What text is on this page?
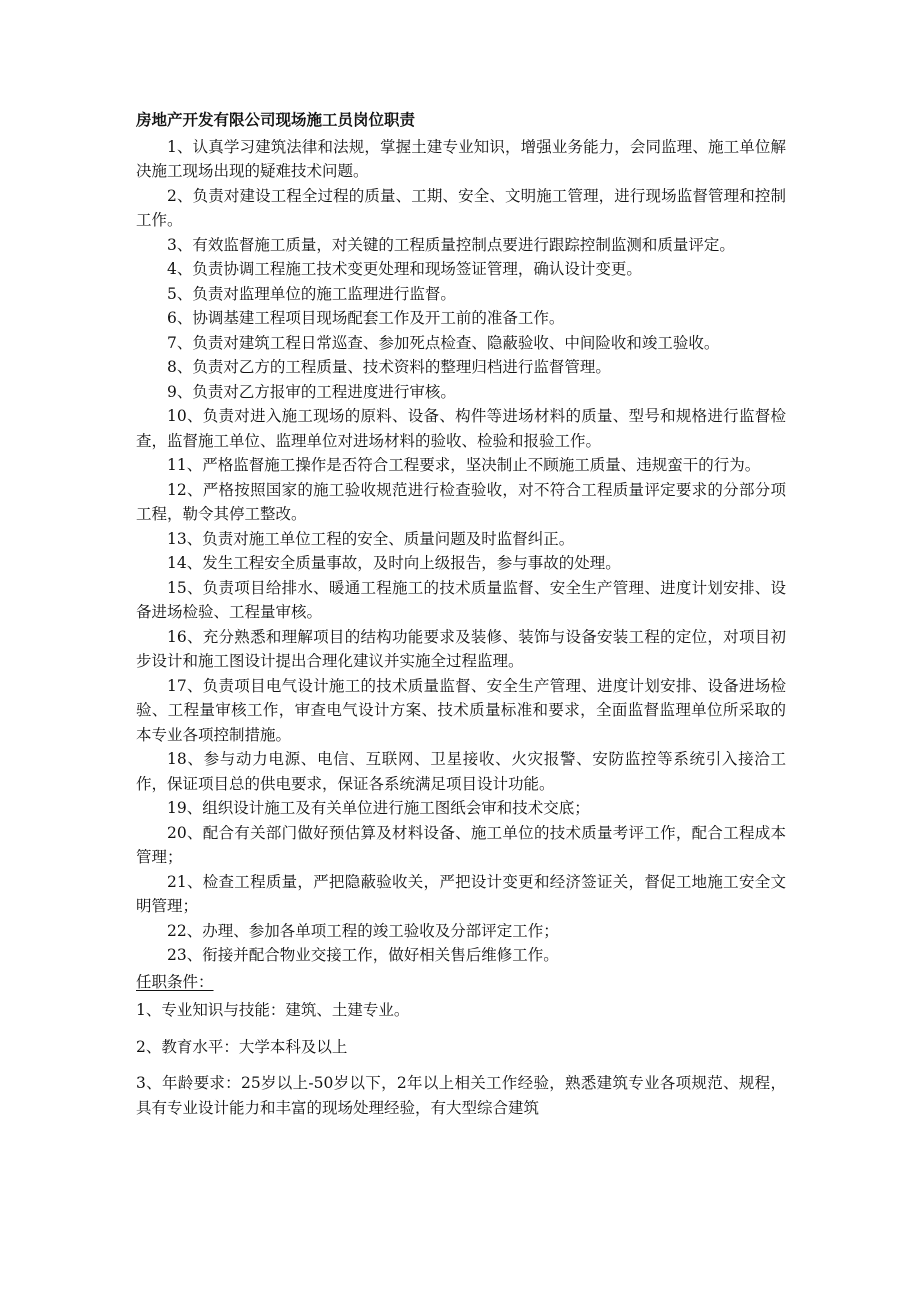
房地产开发有限公司现场施工员岗位职责

1、认真学习建筑法律和法规，掌握土建专业知识，增强业务能力，会同监理、施工单位解决施工现场出现的疑难技术问题。

2、负责对建设工程全过程的质量、工期、安全、文明施工管理，进行现场监督管理和控制工作。

3、有效监督施工质量，对关键的工程质量控制点要进行跟踪控制监测和质量评定。

4、负责协调工程施工技术变更处理和现场签证管理，确认设计变更。

5、负责对监理单位的施工监理进行监督。

6、协调基建工程项目现场配套工作及开工前的准备工作。

7、负责对建筑工程日常巡查、参加死点检查、隐蔽验收、中间险收和竣工验收。

8、负责对乙方的工程质量、技术资料的整理归档进行监督管理。

9、负责对乙方报审的工程进度进行审核。

10、负责对进入施工现场的原料、设备、构件等进场材料的质量、型号和规格进行监督检查，监督施工单位、监理单位对进场材料的验收、检验和报验工作。

11、严格监督施工操作是否符合工程要求，坚决制止不顾施工质量、违规蛮干的行为。

12、严格按照国家的施工验收规范进行检查验收，对不符合工程质量评定要求的分部分项工程，勒令其停工整改。

13、负责对施工单位工程的安全、质量问题及时监督纠正。

14、发生工程安全质量事故，及时向上级报告，参与事故的处理。

15、负责项目给排水、暖通工程施工的技术质量监督、安全生产管理、进度计划安排、设备进场检验、工程量审核。

16、充分熟悉和理解项目的结构功能要求及装修、装饰与设备安装工程的定位，对项目初步设计和施工图设计提出合理化建议并实施全过程监理。

17、负责项目电气设计施工的技术质量监督、安全生产管理、进度计划安排、设备进场检验、工程量审核工作，审查电气设计方案、技术质量标准和要求，全面监督监理单位所采取的本专业各项控制措施。

18、参与动力电源、电信、互联网、卫星接收、火灾报警、安防监控等系统引入接洽工作，保证项目总的供电要求，保证各系统满足项目设计功能。

19、组织设计施工及有关单位进行施工图纸会审和技术交底；

20、配合有关部门做好预估算及材料设备、施工单位的技术质量考评工作，配合工程成本管理；

21、检查工程质量，严把隐蔽验收关，严把设计变更和经济签证关，督促工地施工安全文明管理；

22、办理、参加各单项工程的竣工验收及分部评定工作；

23、衔接并配合物业交接工作，做好相关售后维修工作。

任职条件：

1、专业知识与技能：建筑、土建专业。

2、教育水平：大学本科及以上

3、年龄要求：25岁以上-50岁以下，2年以上相关工作经验，熟悉建筑专业各项规范、规程，具有专业设计能力和丰富的现场处理经验，有大型综合建筑
